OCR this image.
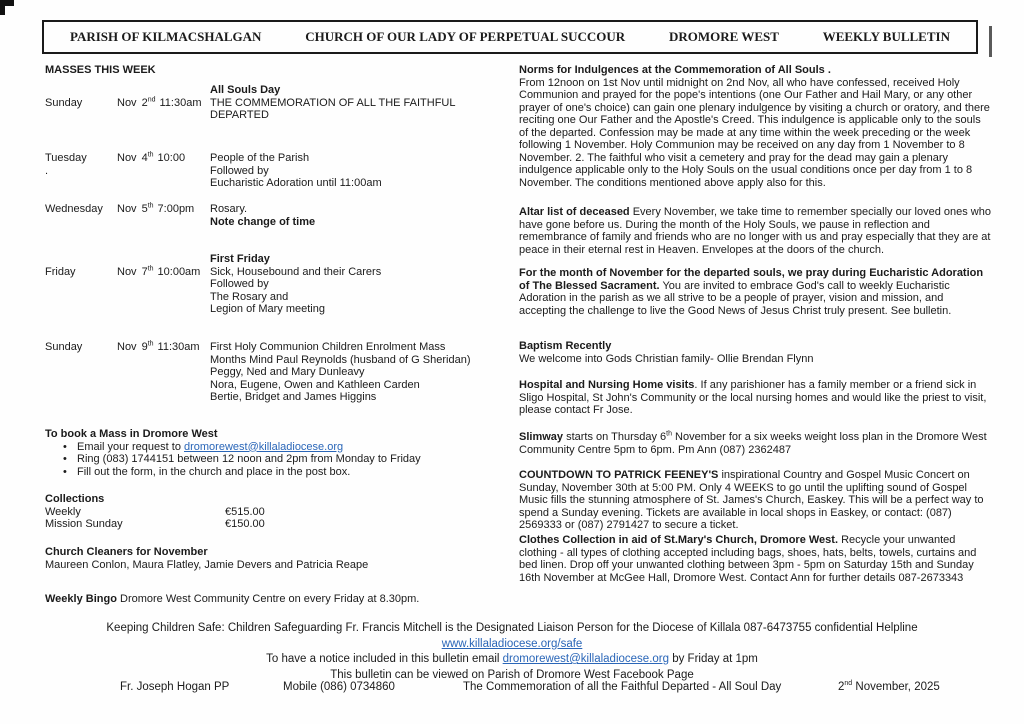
PARISH OF KILMACSHALGAN	CHURCH OF OUR LADY OF PERPETUAL SUCCOUR	DROMORE WEST	WEEKLY BULLETIN
MASSES THIS WEEK
Sunday	Nov 2nd 11:30am
All Souls Day
THE COMMEMORATION OF ALL THE FAITHFUL DEPARTED
Tuesday	Nov 4th 10:00
.
People of the Parish
Followed by
Eucharistic Adoration until 11:00am
Wednesday Nov 5th 7:00pm	Rosary.
Note change of time
Friday	Nov 7th 10:00am
First Friday
Sick, Housebound and their Carers
Followed by
The Rosary and
Legion of Mary meeting
Sunday	Nov 9th 11:30am First Holy Communion Children Enrolment Mass
Months Mind Paul Reynolds (husband of G Sheridan)
Peggy, Ned and Mary Dunleavy
Nora, Eugene, Owen and Kathleen Carden
Bertie, Bridget and James Higgins
To book a Mass in Dromore West
• Email your request to dromorewest@killaladiocese.org
• Ring (083) 1744151 between 12 noon and 2pm from Monday to Friday
• Fill out the form, in the church and place in the post box.
Collections
Weekly	€515.00
Mission Sunday	€150.00
Church Cleaners for November
Maureen Conlon, Maura Flatley, Jamie Devers and Patricia Reape
Weekly Bingo Dromore West Community Centre on every Friday at 8.30pm.
Norms for Indulgences at the Commemoration of All Souls .
From 12noon on 1st Nov until midnight on 2nd Nov, all who have confessed, received Holy Communion and prayed for the pope's intentions (one Our Father and Hail Mary, or any other prayer of one's choice) can gain one plenary indulgence by visiting a church or oratory, and there reciting one Our Father and the Apostle's Creed. This indulgence is applicable only to the souls of the departed. Confession may be made at any time within the week preceding or the week following 1 November. Holy Communion may be received on any day from 1 November to 8 November. 2. The faithful who visit a cemetery and pray for the dead may gain a plenary indulgence applicable only to the Holy Souls on the usual conditions once per day from 1 to 8 November. The conditions mentioned above apply also for this.
Altar list of deceased Every November, we take time to remember specially our loved ones who have gone before us. During the month of the Holy Souls, we pause in reflection and remembrance of family and friends who are no longer with us and pray especially that they are at peace in their eternal rest in Heaven. Envelopes at the doors of the church.
For the month of November for the departed souls, we pray during Eucharistic Adoration of The Blessed Sacrament. You are invited to embrace God's call to weekly Eucharistic Adoration in the parish as we all strive to be a people of prayer, vision and mission, and accepting the challenge to live the Good News of Jesus Christ truly present. See bulletin.
Baptism Recently
We welcome into Gods Christian family- Ollie Brendan Flynn
Hospital and Nursing Home visits. If any parishioner has a family member or a friend sick in Sligo Hospital, St John's Community or the local nursing homes and would like the priest to visit, please contact Fr Jose.
Slimway starts on Thursday 6th November for a six weeks weight loss plan in the Dromore West Community Centre 5pm to 6pm. Pm Ann (087) 2362487
COUNTDOWN TO PATRICK FEENEY'S inspirational Country and Gospel Music Concert on Sunday, November 30th at 5:00 PM. Only 4 WEEKS to go until the uplifting sound of Gospel Music fills the stunning atmosphere of St. James's Church, Easkey. This will be a perfect way to spend a Sunday evening. Tickets are available in local shops in Easkey, or contact: (087) 2569333 or (087) 2791427 to secure a ticket.
Clothes Collection in aid of St.Mary's Church, Dromore West. Recycle your unwanted clothing - all types of clothing accepted including bags, shoes, hats, belts, towels, curtains and bed linen. Drop off your unwanted clothing between 3pm - 5pm on Saturday 15th and Sunday 16th November at McGee Hall, Dromore West. Contact Ann for further details 087-2673343
Keeping Children Safe: Children Safeguarding Fr. Francis Mitchell is the Designated Liaison Person for the Diocese of Killala 087-6473755 confidential Helpline
www.killaladiocese.org/safe
To have a notice included in this bulletin email dromorewest@killaladiocese.org by Friday at 1pm
This bulletin can be viewed on Parish of Dromore West Facebook Page
Fr. Joseph Hogan PP	Mobile (086) 0734860	The Commemoration of all the Faithful Departed - All Soul Day	2nd November, 2025
